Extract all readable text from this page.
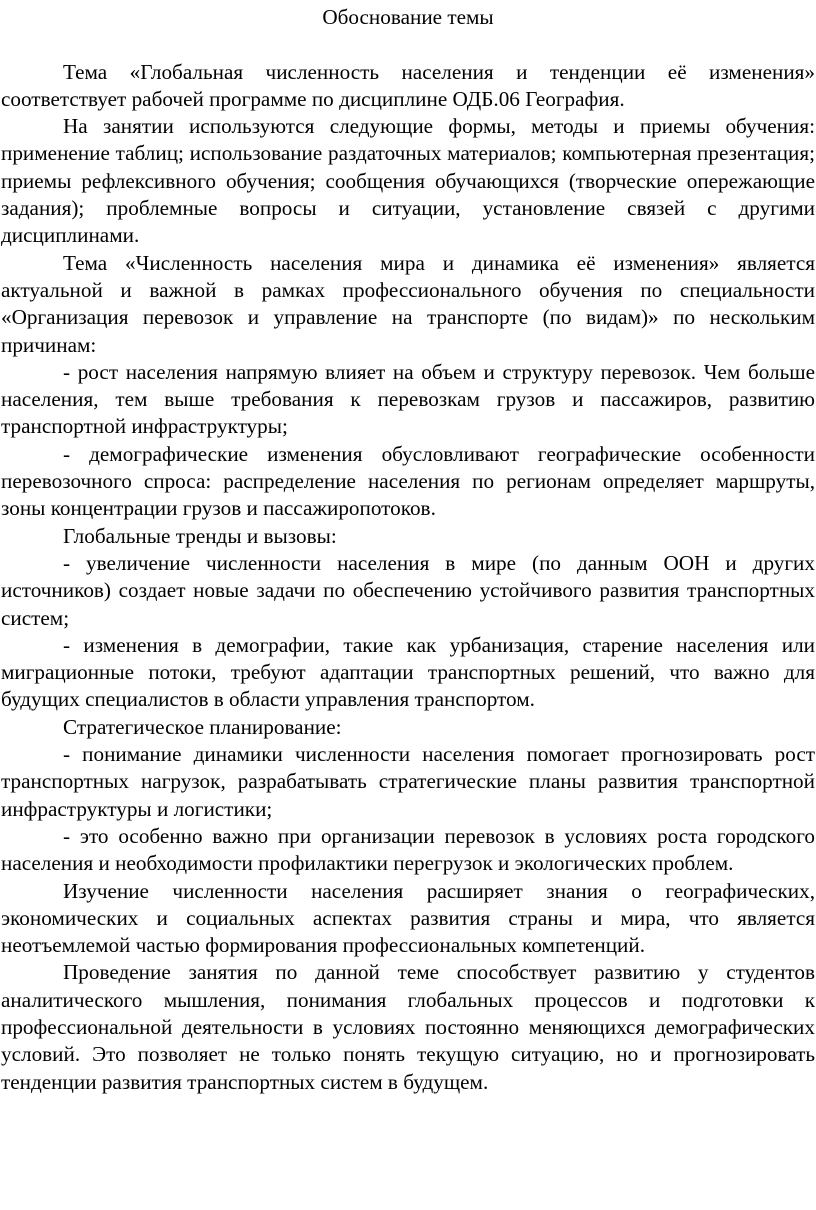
Обоснование темы

Тема «Глобальная численность населения и тенденции её изменения» соответствует рабочей программе по дисциплине ОДБ.06 География.

На занятии используются следующие формы, методы и приемы обучения: применение таблиц; использование раздаточных материалов; компьютерная презентация; приемы рефлексивного обучения; сообщения обучающихся (творческие опережающие задания); проблемные вопросы и ситуации, установление связей с другими дисциплинами.

Тема «Численность населения мира и динамика её изменения» является актуальной и важной в рамках профессионального обучения по специальности «Организация перевозок и управление на транспорте (по видам)» по нескольким причинам:

- рост населения напрямую влияет на объем и структуру перевозок. Чем больше населения, тем выше требования к перевозкам грузов и пассажиров, развитию транспортной инфраструктуры;

- демографические изменения обусловливают географические особенности перевозочного спроса: распределение населения по регионам определяет маршруты, зоны концентрации грузов и пассажиропотоков.

Глобальные тренды и вызовы:

- увеличение численности населения в мире (по данным ООН и других источников) создает новые задачи по обеспечению устойчивого развития транспортных систем;

- изменения в демографии, такие как урбанизация, старение населения или миграционные потоки, требуют адаптации транспортных решений, что важно для будущих специалистов в области управления транспортом.

Стратегическое планирование:

- понимание динамики численности населения помогает прогнозировать рост транспортных нагрузок, разрабатывать стратегические планы развития транспортной инфраструктуры и логистики;

- это особенно важно при организации перевозок в условиях роста городского населения и необходимости профилактики перегрузок и экологических проблем.

Изучение численности населения расширяет знания о географических, экономических и социальных аспектах развития страны и мира, что является неотъемлемой частью формирования профессиональных компетенций.

Проведение занятия по данной теме способствует развитию у студентов аналитического мышления, понимания глобальных процессов и подготовки к профессиональной деятельности в условиях постоянно меняющихся демографических условий. Это позволяет не только понять текущую ситуацию, но и прогнозировать тенденции развития транспортных систем в будущем.
